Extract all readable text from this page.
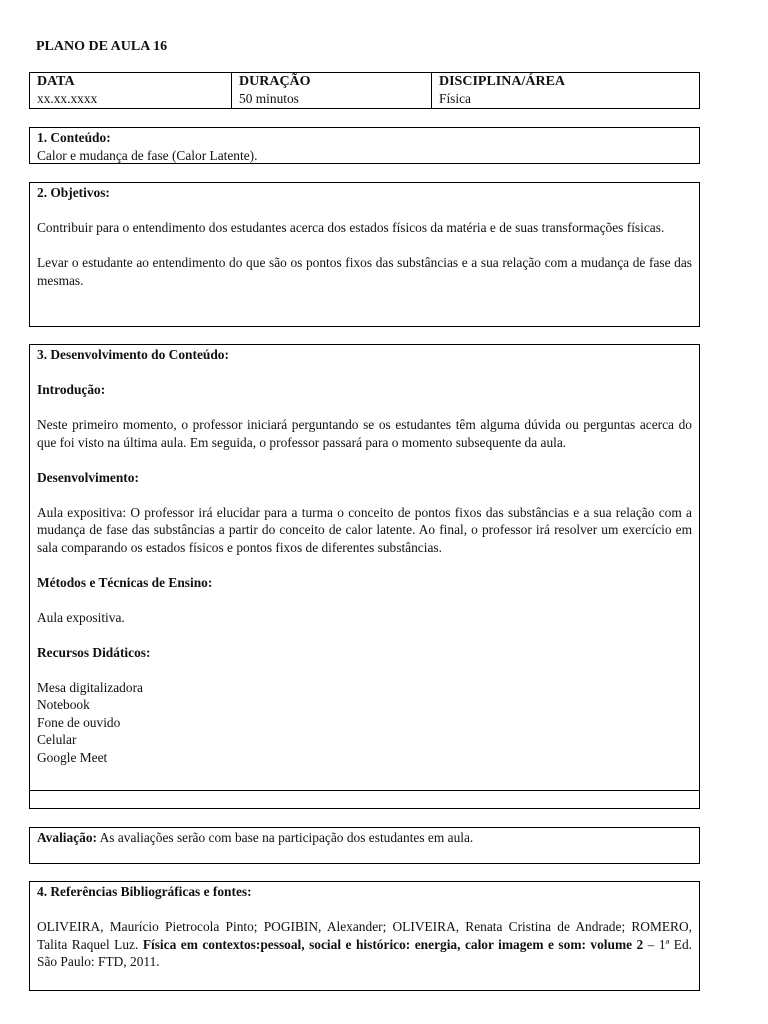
PLANO DE AULA 16
DATA
xx.xx.xxxx
DURAÇÃO
50 minutos
DISCIPLINA/ÁREA
Física
1. Conteúdo:
Calor e mudança de fase (Calor Latente).
2. Objetivos:

Contribuir para o entendimento dos estudantes acerca dos estados físicos da matéria e de suas transformações físicas.

Levar o estudante ao entendimento do que são os pontos fixos das substâncias e a sua relação com a mudança de fase das mesmas.

3. Desenvolvimento do Conteúdo:
Introdução:

Neste primeiro momento, o professor iniciará perguntando se os estudantes têm alguma dúvida ou perguntas acerca do que foi visto na última aula. Em seguida, o professor passará para o momento subsequente da aula.

Desenvolvimento:

Aula expositiva: O professor irá elucidar para a turma o conceito de pontos fixos das substâncias e a sua relação com a mudança de fase das substâncias a partir do conceito de calor latente. Ao final, o professor irá resolver um exercício em sala comparando os estados físicos e pontos fixos de diferentes substâncias.

Métodos e Técnicas de Ensino:
Aula expositiva.
Recursos Didáticos:
Mesa digitalizadora
Notebook
Fone de ouvido
Celular
Google Meet
Avaliação: As avaliações serão com base na participação dos estudantes em aula.
4. Referências Bibliográficas e fontes:

OLIVEIRA, Maurício Pietrocola Pinto; POGIBIN, Alexander; OLIVEIRA, Renata Cristina de Andrade; ROMERO, Talita Raquel Luz. Física em contextos:pessoal, social e histórico: energia, calor imagem e som: volume 2 – 1ª Ed. São Paulo: FTD, 2011.
